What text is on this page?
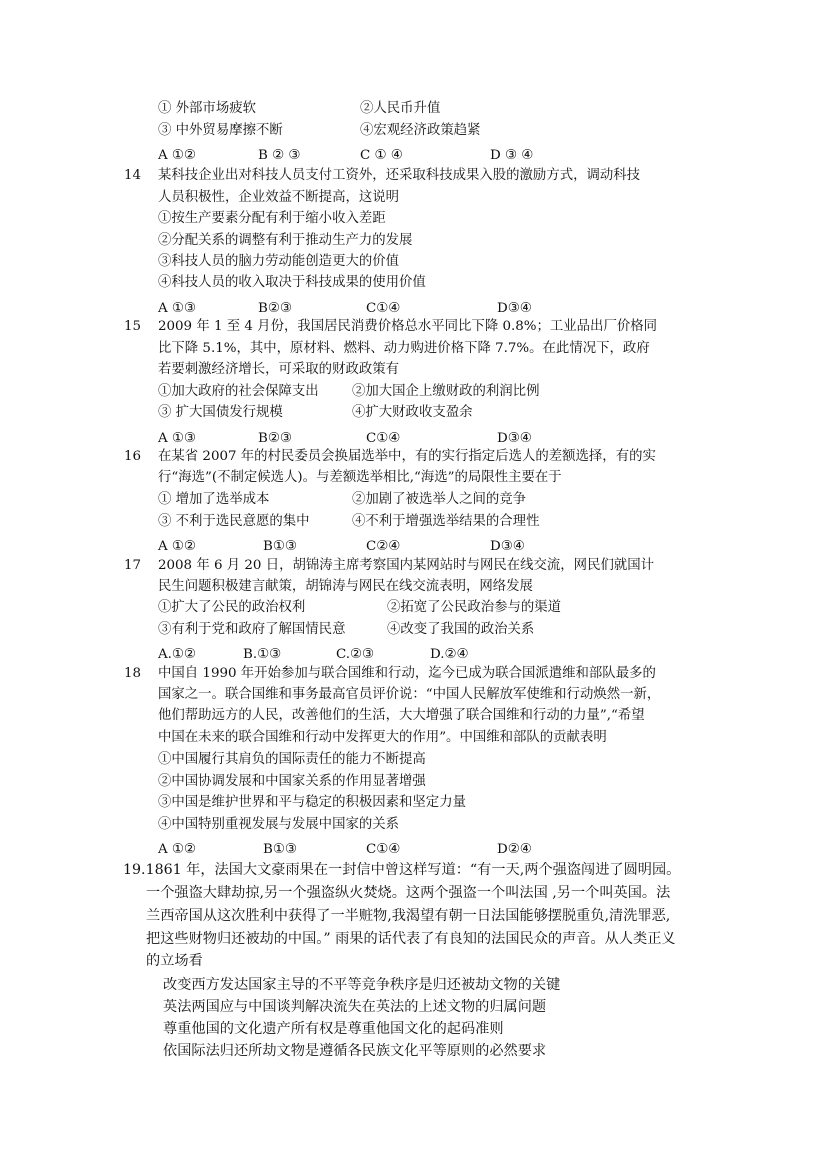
① 外部市场疲软	②人民币升值
③ 中外贸易摩擦不断	④宏观经济政策趋紧
A ①②	B ② ③	C ① ④	D ③ ④
14 某科技企业出对科技人员支付工资外，还采取科技成果入股的激励方式，调动科技
人员积极性，企业效益不断提高，这说明
①按生产要素分配有利于缩小收入差距
②分配关系的调整有利于推动生产力的发展
③科技人员的脑力劳动能创造更大的价值
④科技人员的收入取决于科技成果的使用价值
A ①③	B②③	C①④	D③④
15 2009 年 1 至 4 月份，我国居民消费价格总水平同比下降 0.8%；工业品出厂价格同
比下降 5.1%，其中，原材料、燃料、动力购进价格下降 7.7%。在此情况下，政府
若要刺激经济增长，可采取的财政政策有
①加大政府的社会保障支出 ②加大国企上缴财政的利润比例
③ 扩大国债发行规模	④扩大财政收支盈余
A ①③	B②③	C①④	D③④
16 在某省 2007 年的村民委员会换届选举中，有的实行指定后选人的差额选择，有的实
行“海选”(不制定候选人)。与差额选举相比,“海选”的局限性主要在于
① 增加了选举成本	②加剧了被选举人之间的竞争
③ 不利于选民意愿的集中	④不利于增强选举结果的合理性
A ①②	B①③	C②④	D③④
17 2008 年 6 月 20 日，胡锦涛主席考察国内某网站时与网民在线交流，网民们就国计
民生问题积极建言献策，胡锦涛与网民在线交流表明，网络发展
①扩大了公民的政治权利	②拓宽了公民政治参与的渠道
③有利于党和政府了解国情民意	④改变了我国的政治关系
A.①②	B.①③	C.②③	D.②④
18 中国自 1990 年开始参加与联合国维和行动，迄今已成为联合国派遣维和部队最多的
国家之一。联合国维和事务最高官员评价说：“中国人民解放军使维和行动焕然一新，
他们帮助远方的人民，改善他们的生活，大大增强了联合国维和行动的力量”,“希望
中国在未来的联合国维和行动中发挥更大的作用”。中国维和部队的贡献表明
①中国履行其肩负的国际责任的能力不断提高
②中国协调发展和中国家关系的作用显著增强
③中国是维护世界和平与稳定的积极因素和坚定力量
④中国特别重视发展与发展中国家的关系
A ①②	B①③	C①④	D②④
19.1861 年，法国大文豪雨果在一封信中曾这样写道：“有一天,两个强盗闯进了圆明园。
一个强盗大肆劫掠,另一个强盗纵火焚烧。这两个强盗一个叫法国 ,另一个叫英国。法
兰西帝国从这次胜利中获得了一半赃物,我渴望有朝一日法国能够摆脱重负,清洗罪恶,
把这些财物归还被劫的中国。” 雨果的话代表了有良知的法国民众的声音。从人类正义
的立场看
改变西方发达国家主导的不平等竞争秩序是归还被劫文物的关键
英法两国应与中国谈判解决流失在英法的上述文物的归属问题
尊重他国的文化遗产所有权是尊重他国文化的起码准则
依国际法归还所劫文物是遵循各民族文化平等原则的必然要求
